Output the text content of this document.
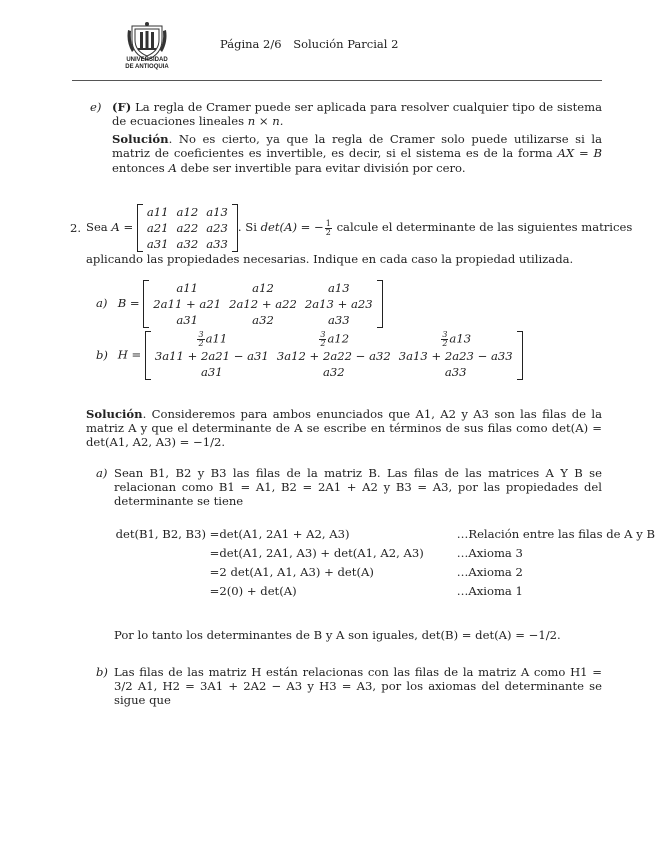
UNIVERSIDAD
DE ANTIOQUIA
Página 2/6 Solución Parcial 2
e) (F) La regla de Cramer puede ser aplicada para resolver cualquier tipo de sistema de ecuaciones lineales n × n.
Solución. No es cierto, ya que la regla de Cramer solo puede utilizarse si la matriz de coeficientes es invertible, es decir, si el sistema es de la forma AX = B entonces A debe ser invertible para evitar división por cero.
2. Sea A =
a11	a12	a13
a21	a22	a23
a31	a32	a33
. Si det(A) = − $\frac{1}{2}$ calcule el determinante de las siguientes matrices
aplicando las propiedades necesarias. Indique en cada caso la propiedad utilizada.
a) B =
a11	a12	a13
2a11 + a21	2a12 + a22	2a13 + a23
a31	a32	a33
b) H =
$\frac{3}{2} a11$	$\frac{3}{2} a12$	$\frac{3}{2} a13$
3a11 + 2a21 − a31	3a12 + 2a22 − a32	3a13 + 2a23 − a33
a31	a32	a33
Solución. Consideremos para ambos enunciados que A1, A2 y A3 son las filas de la matriz A y que el determinante de A se escribe en términos de sus filas como det(A) = det(A1, A2, A3) = −1/2.
a) Sean B1, B2 y B3 las filas de la matriz B. Las filas de las matrices A Y B se relacionan como B1 = A1, B2 = 2A1 + A2 y B3 = A3, por las propiedades del determinante se tiene
det(B1, B2, B3) =	det(A1, 2A1 + A2, A3)	…Relación entre las filas de A y B
=	det(A1, 2A1, A3) + det(A1, A2, A3)	…Axioma 3
=	2 det(A1, A1, A3) + det(A)	…Axioma 2
=	2(0) + det(A)	…Axioma 1
Por lo tanto los determinantes de B y A son iguales, det(B) = det(A) = −1/2.
b) Las filas de las matriz H están relacionas con las filas de la matriz A como H1 = 3/2 A1, H2 = 3A1 + 2A2 − A3 y H3 = A3, por los axiomas del determinante se sigue que
